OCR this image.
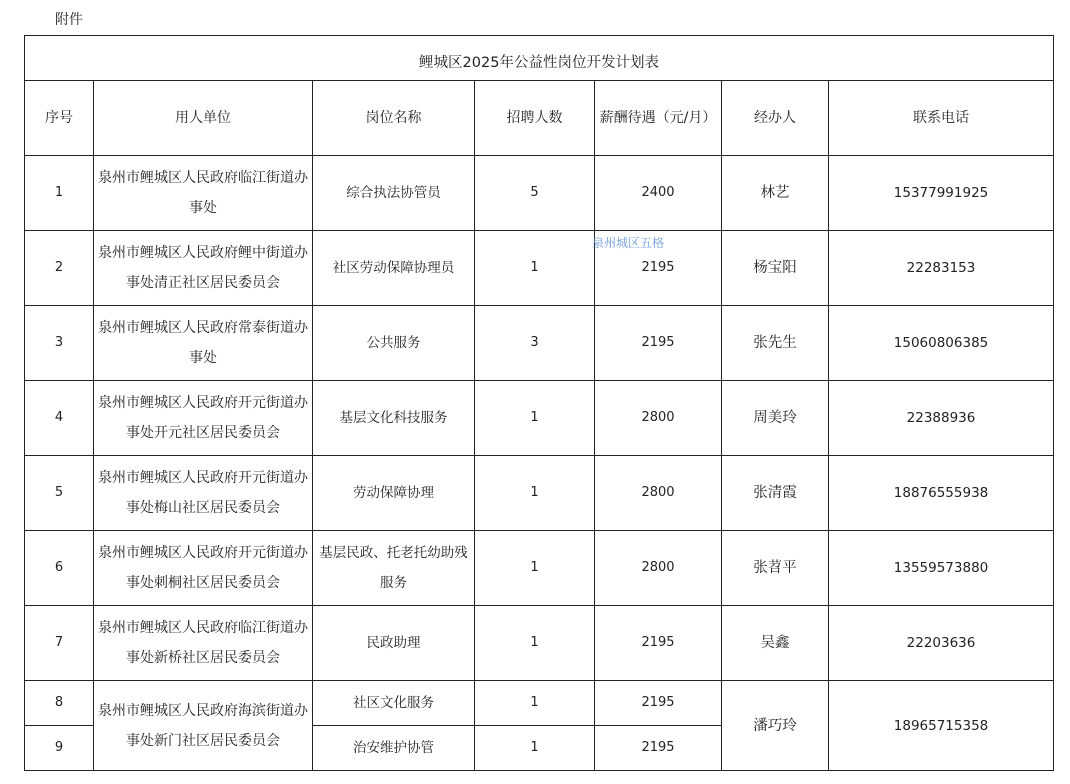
附件
鲤城区2025年公益性岗位开发计划表						
序号	用人单位	岗位名称	招聘人数	薪酬待遇（元/月）	经办人	联系电话
1	泉州市鲤城区人民政府临江街道办事处	综合执法协管员	5	2400	林艺	15377991925
2	泉州市鲤城区人民政府鲤中街道办事处清正社区居民委员会	社区劳动保障协理员	1	2195	杨宝阳	22283153
3	泉州市鲤城区人民政府常泰街道办事处	公共服务	3	2195	张先生	15060806385
4	泉州市鲤城区人民政府开元街道办事处开元社区居民委员会	基层文化科技服务	1	2800	周美玲	22388936
5	泉州市鲤城区人民政府开元街道办事处梅山社区居民委员会	劳动保障协理	1	2800	张清霞	18876555938
6	泉州市鲤城区人民政府开元街道办事处刺桐社区居民委员会	基层民政、托老托幼助残服务	1	2800	张苕平	13559573880
7	泉州市鲤城区人民政府临江街道办事处新桥社区居民委员会	民政助理	1	2195	吴鑫	22203636
8	泉州市鲤城区人民政府海滨街道办事处新门社区居民委员会	社区文化服务	1	2195	潘巧玲	18965715358
9		治安维护协管	1	2195		
泉州城区五格
